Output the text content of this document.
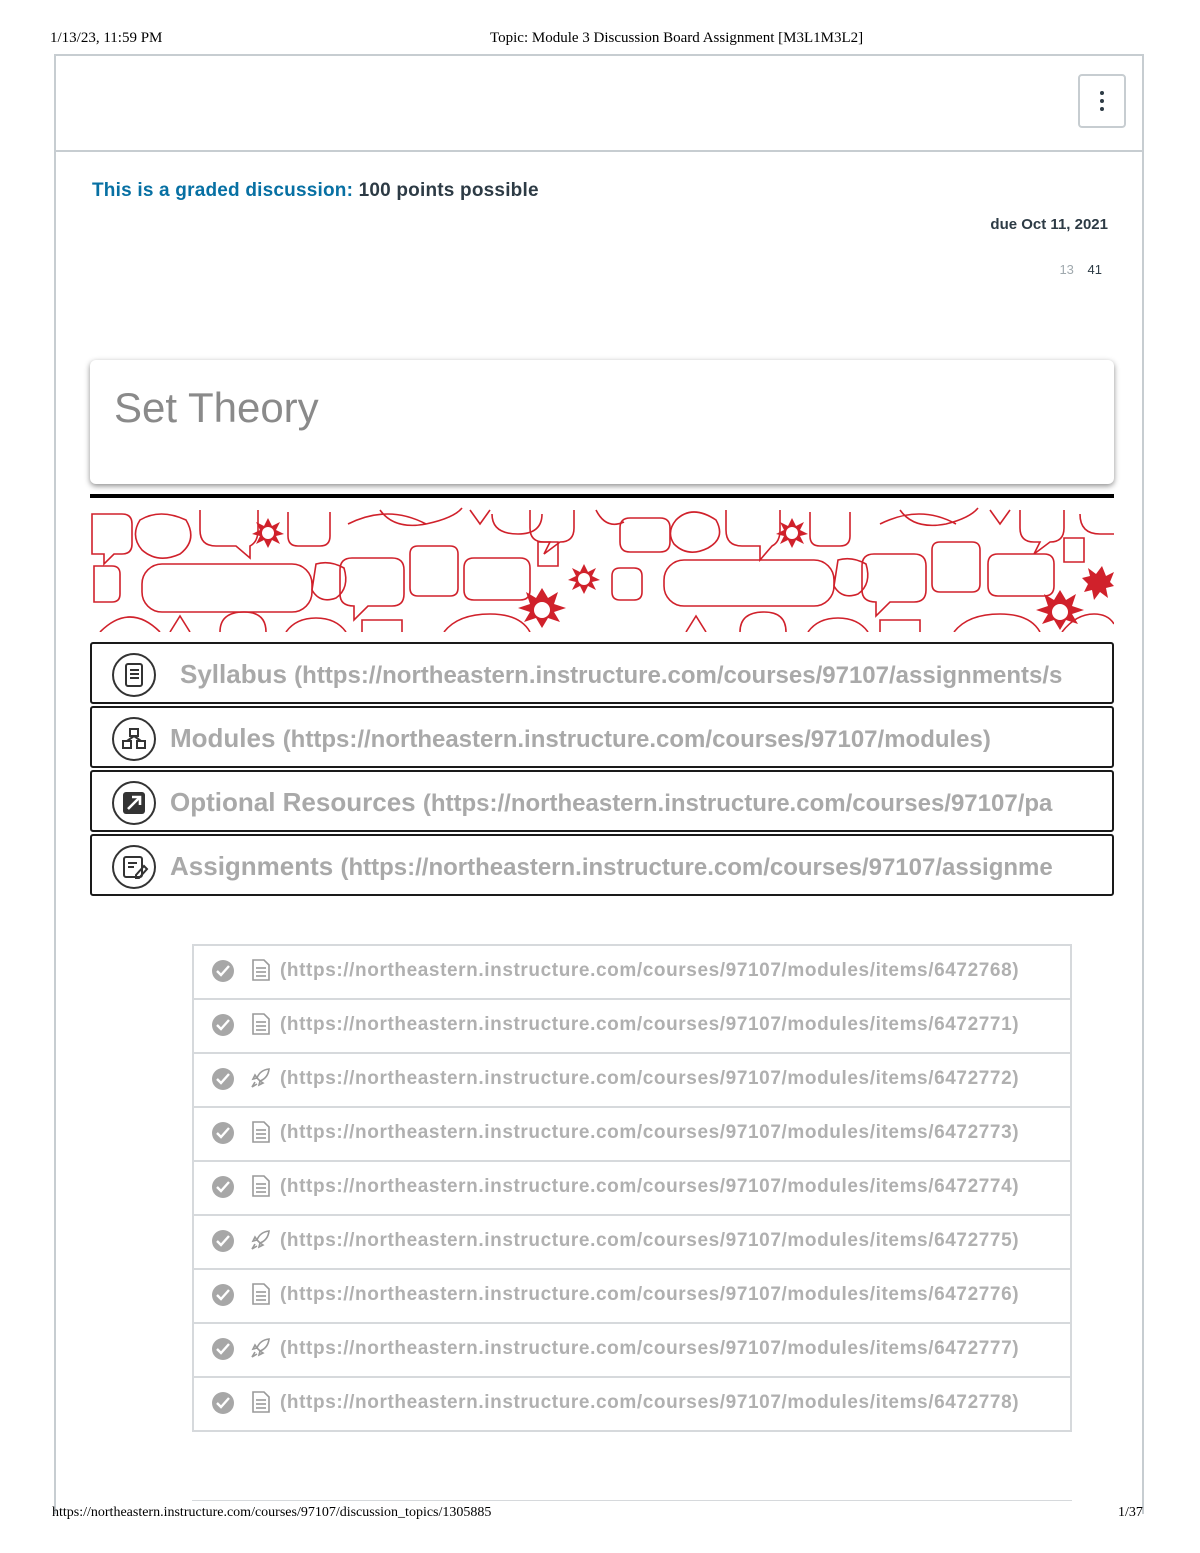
1/13/23, 11:59 PM	Topic: Module 3 Discussion Board Assignment [M3L1M3L2]
This is a graded discussion: 100 points possible
due Oct 11, 2021
13 41
Set Theory
Syllabus (https://northeastern.instructure.com/courses/97107/assignments/s
Modules (https://northeastern.instructure.com/courses/97107/modules)
Optional Resources (https://northeastern.instructure.com/courses/97107/pa
Assignments (https://northeastern.instructure.com/courses/97107/assignme
(https://northeastern.instructure.com/courses/97107/modules/items/6472768)
(https://northeastern.instructure.com/courses/97107/modules/items/6472771)
(https://northeastern.instructure.com/courses/97107/modules/items/6472772)
(https://northeastern.instructure.com/courses/97107/modules/items/6472773)
(https://northeastern.instructure.com/courses/97107/modules/items/6472774)
(https://northeastern.instructure.com/courses/97107/modules/items/6472775)
(https://northeastern.instructure.com/courses/97107/modules/items/6472776)
(https://northeastern.instructure.com/courses/97107/modules/items/6472777)
(https://northeastern.instructure.com/courses/97107/modules/items/6472778)
https://northeastern.instructure.com/courses/97107/discussion_topics/1305885	1/37
